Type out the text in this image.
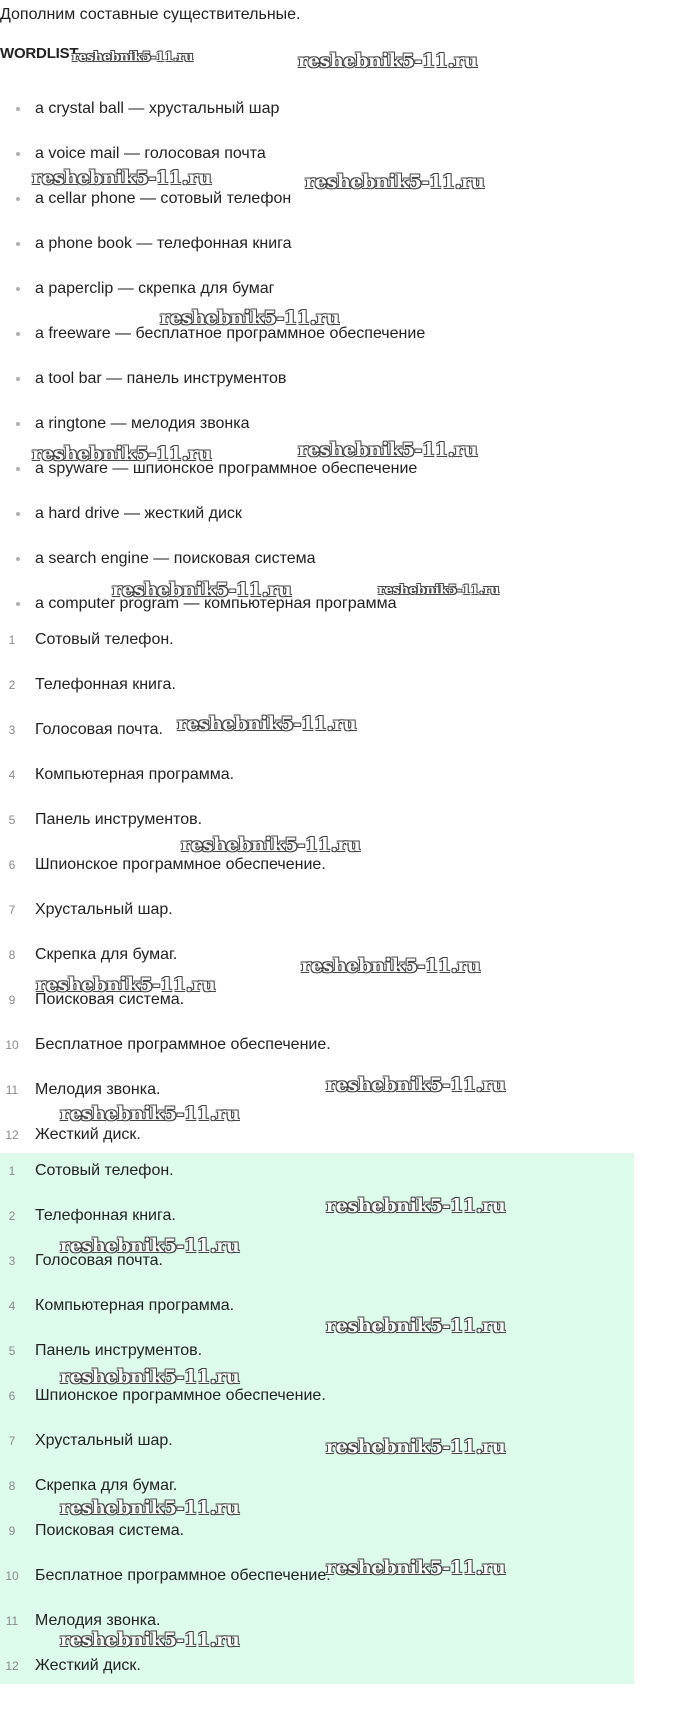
Дополним составные существительные.
WORDLIST
a crystal ball — хрустальный шар
a voice mail — голосовая почта
a cellar phone — сотовый телефон
a phone book — телефонная книга
a paperclip — скрепка для бумаг
a freeware — бесплатное программное обеспечение
a tool bar — панель инструментов
a ringtone — мелодия звонка
a spyware — шпионское программное обеспечение
a hard drive — жесткий диск
a search engine — поисковая система
a computer program — компьютерная программа
1	Сотовый телефон.
2	Телефонная книга.
3	Голосовая почта.
4	Компьютерная программа.
5	Панель инструментов.
6	Шпионское программное обеспечение.
7	Хрустальный шар.
8	Скрепка для бумаг.
9	Поисковая система.
10	Бесплатное программное обеспечение.
11	Мелодия звонка.
12	Жесткий диск.
1	Сотовый телефон.
2	Телефонная книга.
3	Голосовая почта.
4	Компьютерная программа.
5	Панель инструментов.
6	Шпионское программное обеспечение.
7	Хрустальный шар.
8	Скрепка для бумаг.
9	Поисковая система.
10	Бесплатное программное обеспечение.
11	Мелодия звонка.
12	Жесткий диск.
reshebnik5-11.ru	reshebnik5-11.ru
reshebnik5-11.ru	reshebnik5-11.ru
reshebnik5-11.ru
reshebnik5-11.ru	reshebnik5-11.ru
reshebnik5-11.ru	reshebnik5-11.ru
reshebnik5-11.ru
reshebnik5-11.ru
reshebnik5-11.ru
reshebnik5-11.ru
reshebnik5-11.ru
reshebnik5-11.ru
reshebnik5-11.ru
reshebnik5-11.ru
reshebnik5-11.ru
reshebnik5-11.ru
reshebnik5-11.ru
reshebnik5-11.ru
reshebnik5-11.ru
reshebnik5-11.ru
